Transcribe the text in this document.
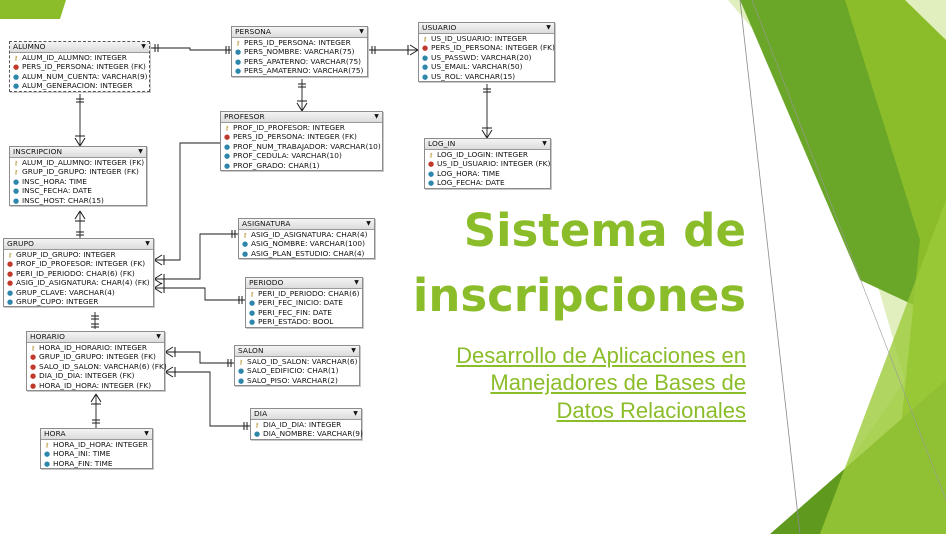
PERSONA	▼
⚷ PERS_ID_PERSONA: INTEGER
● PERS_NOMBRE: VARCHAR(75)
● PERS_APATERNO: VARCHAR(75)
● PERS_AMATERNO: VARCHAR(75)
USUARIO	▼
⚷ US_ID_USUARIO: INTEGER
● PERS_ID_PERSONA: INTEGER (FK)
● US_PASSWD: VARCHAR(20)
● US_EMAIL: VARCHAR(50)
● US_ROL: VARCHAR(15)
ALUMNO	▼
⚷ ALUM_ID_ALUMNO: INTEGER
● PERS_ID_PERSONA: INTEGER (FK)
● ALUM_NUM_CUENTA: VARCHAR(9)
● ALUM_GENERACION: INTEGER
PROFESOR	▼
⚷ PROF_ID_PROFESOR: INTEGER
● PERS_ID_PERSONA: INTEGER (FK)
● PROF_NUM_TRABAJADOR: VARCHAR(10)
● PROF_CEDULA: VARCHAR(10)
● PROF_GRADO: CHAR(1)
LOG_IN	▼
⚷ LOG_ID_LOGIN: INTEGER
● US_ID_USUARIO: INTEGER (FK)
● LOG_HORA: TIME
● LOG_FECHA: DATE
INSCRIPCION	▼
⚷ ALUM_ID_ALUMNO: INTEGER (FK)
⚷ GRUP_ID_GRUPO: INTEGER (FK)
● INSC_HORA: TIME
● INSC_FECHA: DATE
● INSC_HOST: CHAR(15)
GRUPO	▼
⚷ GRUP_ID_GRUPO: INTEGER
● PROF_ID_PROFESOR: INTEGER (FK)
● PERI_ID_PERIODO: CHAR(6) (FK)
● ASIG_ID_ASIGNATURA: CHAR(4) (FK)
● GRUP_CLAVE: VARCHAR(4)
● GRUP_CUPO: INTEGER
ASIGNATURA	▼
⚷ ASIG_ID_ASIGNATURA: CHAR(4)
● ASIG_NOMBRE: VARCHAR(100)
● ASIG_PLAN_ESTUDIO: CHAR(4)
PERIODO	▼
⚷ PERI_ID_PERIODO: CHAR(6)
● PERI_FEC_INICIO: DATE
● PERI_FEC_FIN: DATE
● PERI_ESTADO: BOOL
HORARIO	▼
⚷ HORA_ID_HORARIO: INTEGER
● GRUP_ID_GRUPO: INTEGER (FK)
● SALO_ID_SALON: VARCHAR(6) (FK)
● DIA_ID_DIA: INTEGER (FK)
● HORA_ID_HORA: INTEGER (FK)
SALON	▼
⚷ SALO_ID_SALON: VARCHAR(6)
● SALO_EDIFICIO: CHAR(1)
● SALO_PISO: VARCHAR(2)
DIA	▼
⚷ DIA_ID_DIA: INTEGER
● DIA_NOMBRE: VARCHAR(9)
HORA	▼
⚷ HORA_ID_HORA: INTEGER
● HORA_INI: TIME
● HORA_FIN: TIME
Sistema de
inscripciones
Desarrollo de Aplicaciones en
Manejadores de Bases de
Datos Relacionales
